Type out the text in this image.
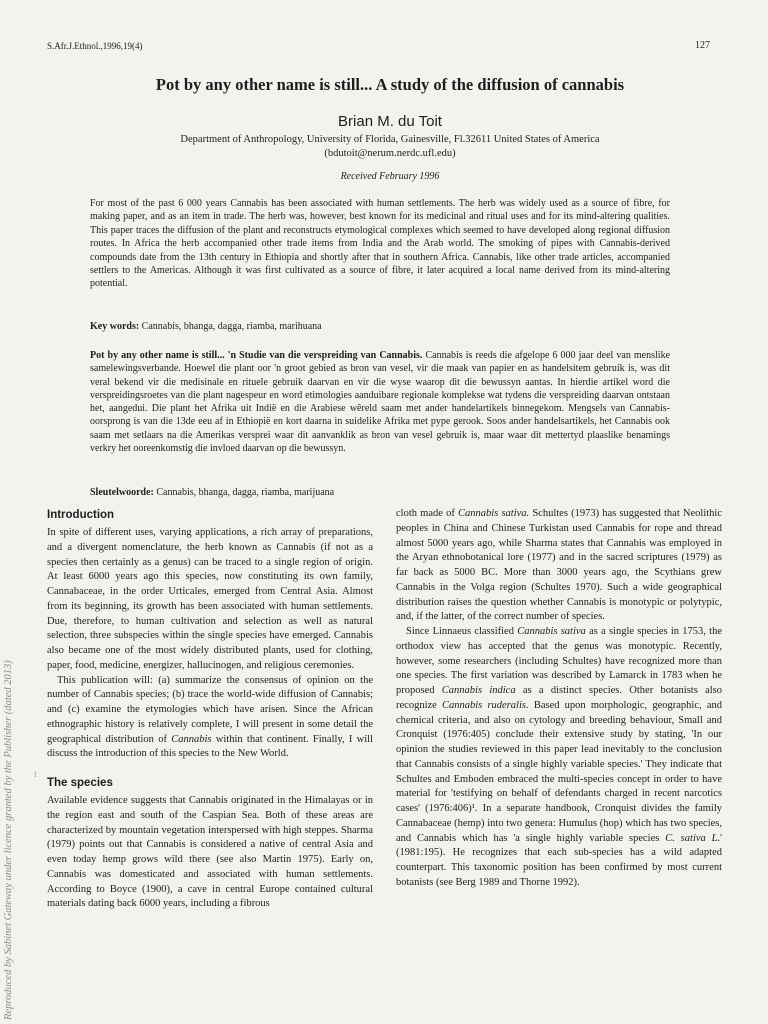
S.Afr.J.Ethnol.,1996,19(4)	127
Pot by any other name is still... A study of the diffusion of cannabis
Brian M. du Toit
Department of Anthropology, University of Florida, Gainesville, Fl.32611 United States of America
(bdutoit@nerum.nerdc.ufl.edu)
Received February 1996
For most of the past 6 000 years Cannabis has been associated with human settlements. The herb was widely used as a source of fibre, for making paper, and as an item in trade. The herb was, however, best known for its medicinal and ritual uses and for its mind-altering qualities. This paper traces the diffusion of the plant and reconstructs etymological complexes which seemed to have developed along regional diffusion routes. In Africa the herb accompanied other trade items from India and the Arab world. The smoking of pipes with Cannabis-derived compounds date from the 13th century in Ethiopia and shortly after that in southern Africa. Cannabis, like other trade articles, accompanied settlers to the Americas. Although it was first cultivated as a source of fibre, it later acquired a local name derived from its mind-altering potential.
Key words: Cannabis, bhanga, dagga, riamba, marihuana
Pot by any other name is still... 'n Studie van die verspreiding van Cannabis. Cannabis is reeds die afgelope 6 000 jaar deel van menslike samelewingsverbande. Hoewel die plant oor 'n groot gebied as bron van vesel, vir die maak van papier en as handelsitem gebruik is, was dit veral bekend vir die medisinale en rituele gebruik daarvan en vir die wyse waarop dit die bewussyn aantas. In hierdie artikel word die verspreidingsroetes van die plant nagespeur en word etimologies aanduibare regionale komplekse wat tydens die verspreiding daarvan ontstaan het, aangedui. Die plant het Afrika uit Indië en die Arabiese wêreld saam met ander handelartikels binnegekom. Mengsels van Cannabis-oorsprong is van die 13de eeu af in Ethiopië en kort daarna in suidelike Afrika met pype gerook. Soos ander handelsartikels, het Cannabis ook saam met setlaars na die Amerikas versprei waar dit aanvanklik as bron van vesel gebruik is, maar waar dit mettertyd plaaslike benamings verkry het ooreenkomstig die invloed daarvan op die bewussyn.
Sleutelwoorde: Cannabis, bhanga, dagga, riamba, marijuana
Introduction

In spite of different uses, varying applications, a rich array of preparations, and a divergent nomenclature, the herb known as Cannabis (if not as a species then certainly as a genus) can be traced to a single region of origin. At least 6000 years ago this species, now constituting its own family, Cannabaceae, in the order Urticales, emerged from Central Asia. Almost from its beginning, its growth has been associated with human settlements. Due, therefore, to human cultivation and selection as well as natural selection, three subspecies within the single species have emerged. Cannabis also became one of the most widely distributed plants, used for clothing, paper, food, medicine, energizer, hallucinogen, and religious ceremonies.

This publication will: (a) summarize the consensus of opinion on the number of Cannabis species; (b) trace the world-wide diffusion of Cannabis; and (c) examine the etymologies which have arisen. Since the African ethnographic history is relatively complete, I will present in some detail the geographical distribution of Cannabis within that continent. Finally, I will discuss the introduction of this species to the New World.

The species

Available evidence suggests that Cannabis originated in the Himalayas or in the region east and south of the Caspian Sea. Both of these areas are characterized by mountain vegetation interspersed with high steppes. Sharma (1979) points out that Cannabis is considered a native of central Asia and even today hemp grows wild there (see also Martin 1975). Early on, Cannabis was domesticated and associated with human settlements. According to Boyce (1900), a cave in central Europe contained cultural materials dating back 6000 years, including a fibrous

cloth made of Cannabis sativa. Schultes (1973) has suggested that Neolithic peoples in China and Chinese Turkistan used Cannabis for rope and thread almost 5000 years ago, while Sharma states that Cannabis was employed in the Aryan ethnobotanical lore (1977) and in the sacred scriptures (1979) as far back as 5000 BC. More than 3000 years ago, the Scythians grew Cannabis in the Volga region (Schultes 1970). Such a wide geographical distribution raises the question whether Cannabis is monotypic or polytypic, and, if the latter, of the correct number of species.

Since Linnaeus classified Cannabis sativa as a single species in 1753, the orthodox view has accepted that the genus was monotypic. Recently, however, some researchers (including Schultes) have recognized more than one species. The first variation was described by Lamarck in 1783 when he proposed Cannabis indica as a distinct species. Other botanists also recognize Cannabis ruderalis. Based upon morphologic, geographic, and chemical criteria, and also on cytology and breeding behaviour, Small and Cronquist (1976:405) conclude their extensive study by stating, 'In our opinion the studies reviewed in this paper lead inevitably to the conclusion that Cannabis consists of a single highly variable species.' They indicate that Schultes and Emboden embraced the multi-species concept in order to have material for 'testifying on behalf of defendants charged in recent narcotics cases' (1976:406)¹. In a separate handbook, Cronquist divides the family Cannabaceae (hemp) into two genera: Humulus (hop) which has two species, and Cannabis which has 'a single highly variable species C. sativa L.' (1981:195). He recognizes that each sub-species has a wild adapted counterpart. This taxonomic position has been confirmed by most current botanists (see Berg 1989 and Thorne 1992).

Reproduced by Sabinet Gateway under licence granted by the Publisher (dated 2013)	⁝
